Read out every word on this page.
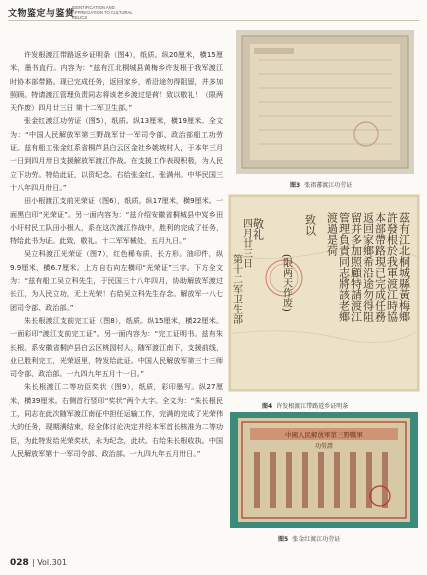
文物鉴定与鉴赏
IDENTIFICATION AND APPRECIATION TO CULTURAL RELICS

许发根渡江带路返乡证明条（图4），纸质。纵20厘米，横15厘米，墨书直行。内容为：“兹有江北桐城县黄梅乡许发根于我军渡江时协本部带路。现已完成任务，返回家乡，希沿途勿得阻留，并多加照顾。特请渡江管理负责同志将该老乡渡过是荷！致以敬礼！（限两天作废）四月廿三日 第十二军卫生部。”

张金红渡江功劳证（图5），纸质。纵13厘米，横19厘米。全文为：“中国人民解放军第三野战军廿一军司令部、政治部船工功劳证。兹有船工张金红系省桐芦县白云区金社乡姚坡村人，于本年三月一日到四月卅日支援解放军渡江作战。在支援工作表现积极，为人民立下功劳。特给此证，以资纪念。右给张金红、张满州。中华民国三十八年四月卅日。”

田小根渡江支前光荣证（图6），纸质。纵17厘米，横9厘米。一面黑白印“光荣证”。另一面内容为：“兹介绍安徽省桐城县中岌乡田小圩村民工队田小根人，系在这次渡江作战中，胜利的完成了任务，特给此书为证。此致，敬礼。十二军军械处，五月九日。”

吴立科渡江光荣证（图7），红色稀布质，长方形。油印件，纵9.9厘米，横6.7厘米。上方自右向左横印“光荣证”三字。下方全文为：“兹有船工吴立科先生，于民国三十八年四月，协助解放军渡过长江，为人民立功，无上光荣！右给吴立科先生存念。解放军一八七团司令部、政治部。”

朱长根渡江支前完工证（图8），纸质。纵15厘米，横22厘米。一面彩印“渡江支前完工证”。另一面内容为：“完工证明书。兹有朱长根、系安徽省桐庐县白云区桃园村人，随军渡江南下，支援前线，业已胜利完工，光荣返里，特发给此证。中国人民解放军第三十三师司令部、政治部。一九四九年五月十一日。”

朱长根渡江二等功臣奖状（图9），纸质，彩印墨写。纵27厘米，横39厘米。右侧首行竖印“奖状”两个大字。全文为：“朱长根民工，同志在此次随军渡江南征中担任运输工作，完满的完成了光荣伟大的任务，现期满结束，经全体讨论决定并经本军首长核准为二等功臣，为此特发给光荣奖状，永为纪念，此状。右给朱长根收执。中国人民解放军第十一军司令部、政治部。一九四九年五月卅日。”

图3 张祖蕃渡江功劳证
茲有江北桐城縣黃梅鄉
許發根於我軍渡江時協
本部帶路現已完成任務
返回家鄉希沿途勿得阻
留并多加照顧特請渡江
管理負責同志將該老鄉
渡過是荷
致以
(限两天作废)
敬礼
四月廿三日
第十二军卫生部
图4 许发根渡江带路返乡证明条
中國人民解放軍第三野戰軍
功勞證
图5 张金红渡江功劳证
028 | Vol.301
